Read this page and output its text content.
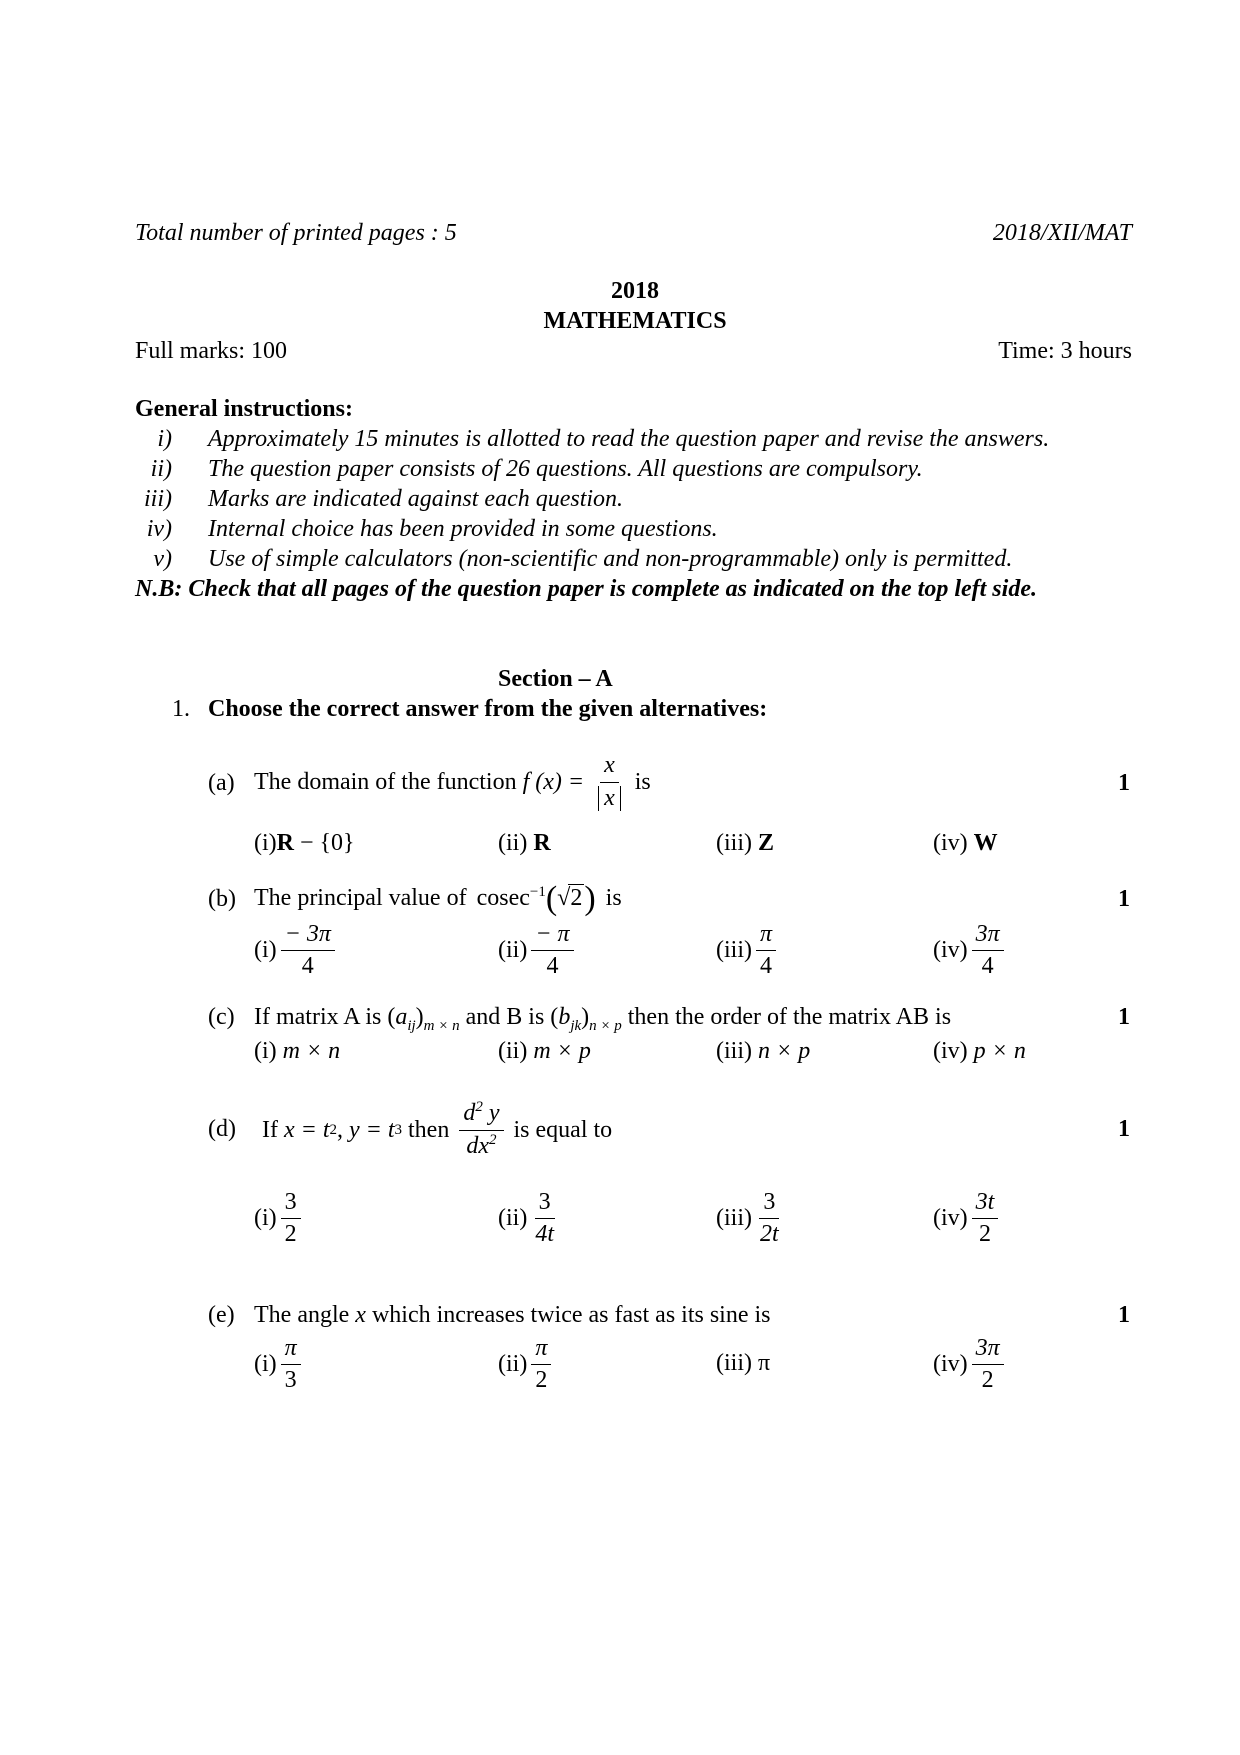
Total number of printed pages : 5	2018/XII/MAT
2018
MATHEMATICS
Full marks: 100	Time: 3 hours
General instructions:
i) Approximately 15 minutes is allotted to read the question paper and revise the answers.
ii) The question paper consists of 26 questions. All questions are compulsory.
iii) Marks are indicated against each question.
iv) Internal choice has been provided in some questions.
v) Use of simple calculators (non-scientific and non-programmable) only is permitted.
N.B: Check that all pages of the question paper is complete as indicated on the top left side.
Section – A
1. Choose the correct answer from the given alternatives:
(a) The domain of the function f $(x) = \frac{x}{x}$ is	1
(i)R − {0}	(ii) R	(iii) Z	(iv) W
(b) The principal value of cosec$^{-1}$(√2) is	1
$(i) \frac{- 3\pi}{4}$	$(ii) \frac{- \pi}{4}$	$(iii) \frac{\pi}{4}$	$(iv) \frac{3\pi}{4}$
(c) If matrix A is $(a_{ij})_{m \times n}$ and B is $(b_{jk})_{n \times p}$ then the order of the matrix AB is	1
(i) m × n	(ii) m × p	(iii) n × p	(iv) p × n
(d) If x = t 2 , y = t 3 then $\frac{d^2 y}{dx^2}$ is equal to	1
$(i) \frac{3}{2}$	$(ii) \frac{3}{4t}$	$(iii) \frac{3}{2t}$	$(iv) \frac{3t}{2}$
(e) The angle x which increases twice as fast as its sine is	1
$(i) \frac{\pi}{3}$	$(ii) \frac{\pi}{2}$	(iii) π	$(iv) \frac{3\pi}{2}$
